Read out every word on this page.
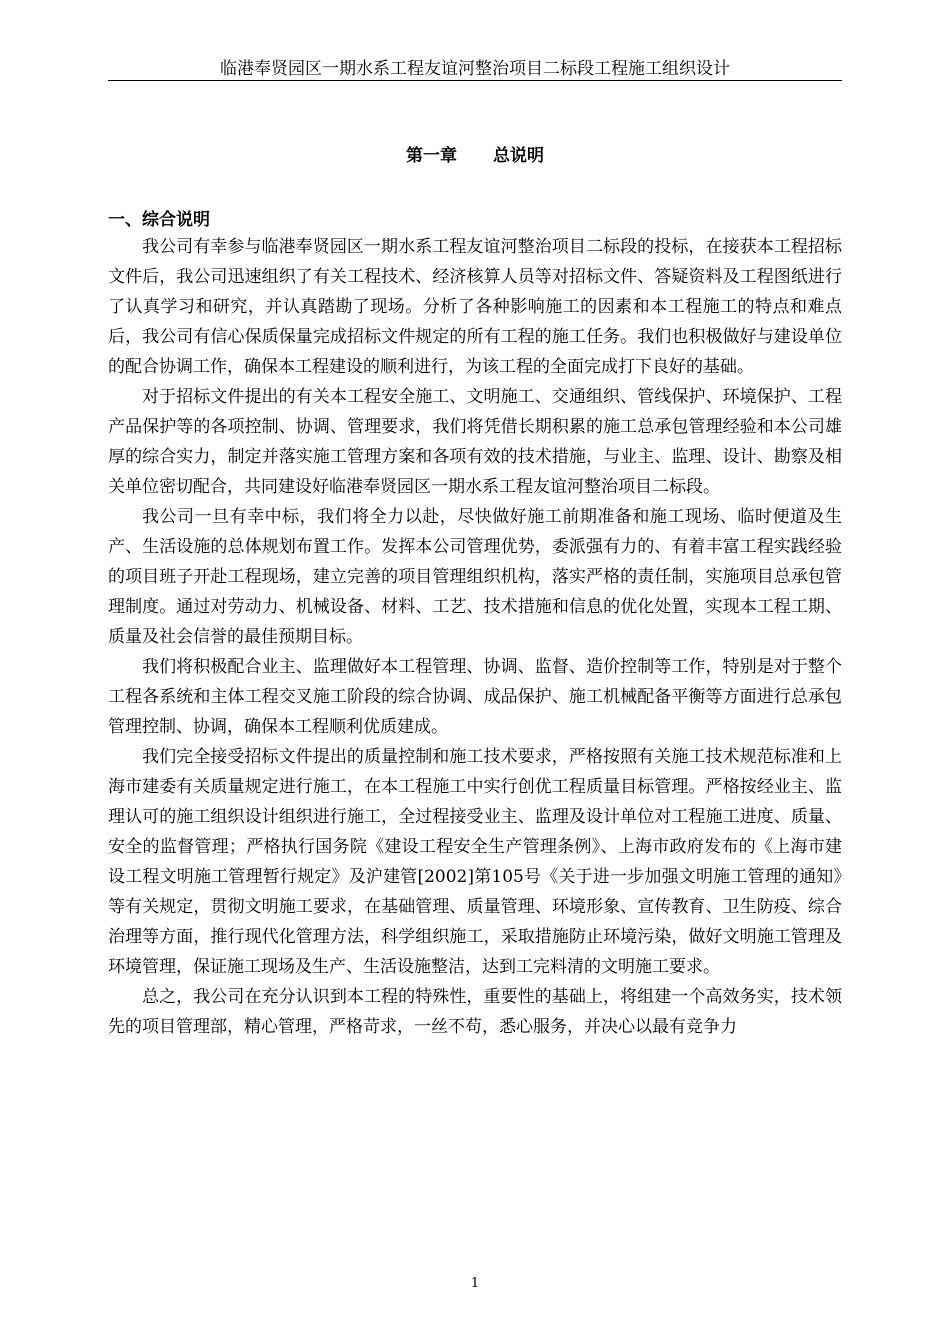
临港奉贤园区一期水系工程友谊河整治项目二标段工程施工组织设计
第一章 总说明
一、综合说明

我公司有幸参与临港奉贤园区一期水系工程友谊河整治项目二标段的投标，在接获本工程招标文件后，我公司迅速组织了有关工程技术、经济核算人员等对招标文件、答疑资料及工程图纸进行了认真学习和研究，并认真踏勘了现场。分析了各种影响施工的因素和本工程施工的特点和难点后，我公司有信心保质保量完成招标文件规定的所有工程的施工任务。我们也积极做好与建设单位的配合协调工作，确保本工程建设的顺利进行，为该工程的全面完成打下良好的基础。

对于招标文件提出的有关本工程安全施工、文明施工、交通组织、管线保护、环境保护、工程产品保护等的各项控制、协调、管理要求，我们将凭借长期积累的施工总承包管理经验和本公司雄厚的综合实力，制定并落实施工管理方案和各项有效的技术措施，与业主、监理、设计、勘察及相关单位密切配合，共同建设好临港奉贤园区一期水系工程友谊河整治项目二标段。

我公司一旦有幸中标，我们将全力以赴，尽快做好施工前期准备和施工现场、临时便道及生产、生活设施的总体规划布置工作。发挥本公司管理优势，委派强有力的、有着丰富工程实践经验的项目班子开赴工程现场，建立完善的项目管理组织机构，落实严格的责任制，实施项目总承包管理制度。通过对劳动力、机械设备、材料、工艺、技术措施和信息的优化处置，实现本工程工期、质量及社会信誉的最佳预期目标。

我们将积极配合业主、监理做好本工程管理、协调、监督、造价控制等工作，特别是对于整个工程各系统和主体工程交叉施工阶段的综合协调、成品保护、施工机械配备平衡等方面进行总承包管理控制、协调，确保本工程顺利优质建成。

我们完全接受招标文件提出的质量控制和施工技术要求，严格按照有关施工技术规范标准和上海市建委有关质量规定进行施工，在本工程施工中实行创优工程质量目标管理。严格按经业主、监理认可的施工组织设计组织进行施工，全过程接受业主、监理及设计单位对工程施工进度、质量、安全的监督管理；严格执行国务院《建设工程安全生产管理条例》、上海市政府发布的《上海市建设工程文明施工管理暂行规定》及沪建管[2002]第105号《关于进一步加强文明施工管理的通知》等有关规定，贯彻文明施工要求，在基础管理、质量管理、环境形象、宣传教育、卫生防疫、综合治理等方面，推行现代化管理方法，科学组织施工，采取措施防止环境污染，做好文明施工管理及环境管理，保证施工现场及生产、生活设施整洁，达到工完料清的文明施工要求。

总之，我公司在充分认识到本工程的特殊性，重要性的基础上，将组建一个高效务实，技术领先的项目管理部，精心管理，严格苛求，一丝不苟，悉心服务，并决心以最有竞争力

1
